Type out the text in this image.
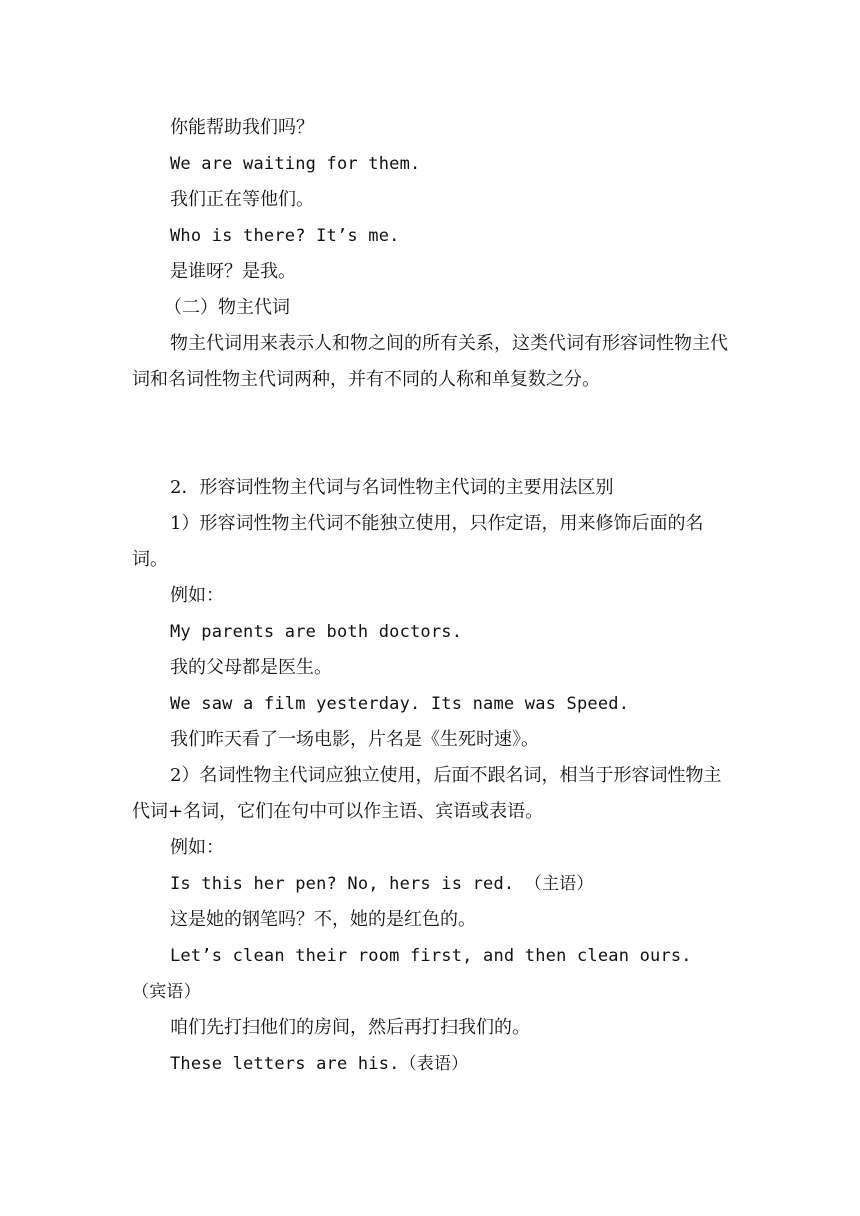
你能帮助我们吗？

We are waiting for them.

我们正在等他们。

Who is there? It’s me.

是谁呀？是我。

（二）物主代词

物主代词用来表示人和物之间的所有关系，这类代词有形容词性物主代词和名词性物主代词两种，并有不同的人称和单复数之分。

2．形容词性物主代词与名词性物主代词的主要用法区别

1）形容词性物主代词不能独立使用，只作定语，用来修饰后面的名词。

例如：

My parents are both doctors.

我的父母都是医生。

We saw a film yesterday. Its name was Speed.

我们昨天看了一场电影，片名是《生死时速》。

2）名词性物主代词应独立使用，后面不跟名词，相当于形容词性物主代词+名词，它们在句中可以作主语、宾语或表语。

例如：

Is this her pen? No, hers is red. （主语）

这是她的钢笔吗？不，她的是红色的。

Let’s clean their room first, and then clean ours. （宾语）

咱们先打扫他们的房间，然后再打扫我们的。

These letters are his.（表语）
